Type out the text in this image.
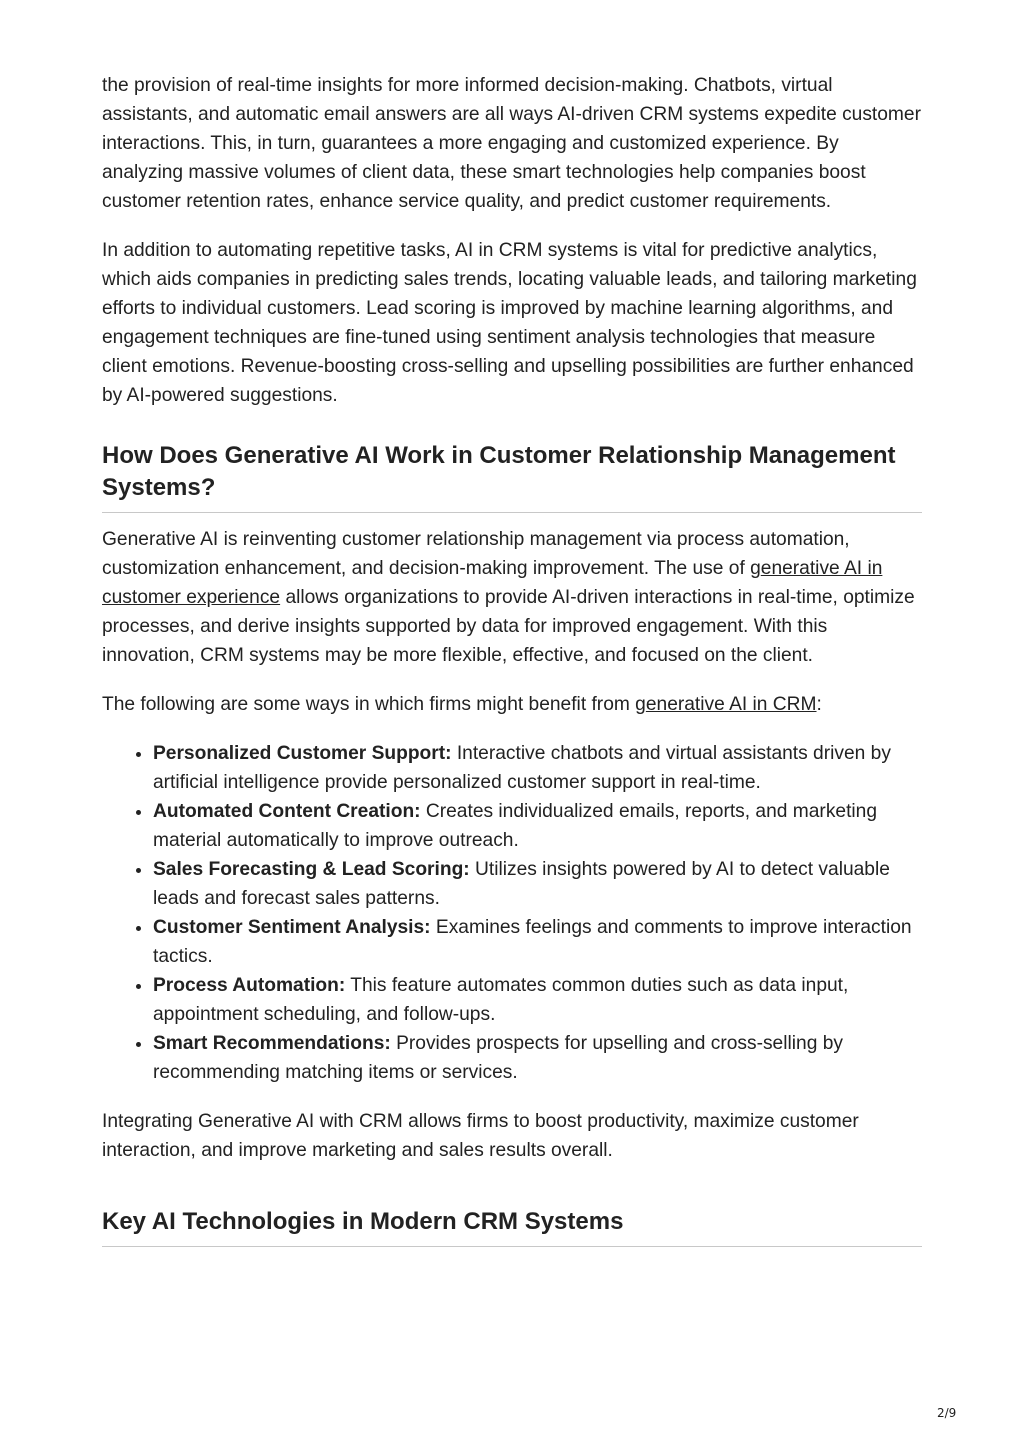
the provision of real-time insights for more informed decision-making. Chatbots, virtual assistants, and automatic email answers are all ways AI-driven CRM systems expedite customer interactions. This, in turn, guarantees a more engaging and customized experience. By analyzing massive volumes of client data, these smart technologies help companies boost customer retention rates, enhance service quality, and predict customer requirements.

In addition to automating repetitive tasks, AI in CRM systems is vital for predictive analytics, which aids companies in predicting sales trends, locating valuable leads, and tailoring marketing efforts to individual customers. Lead scoring is improved by machine learning algorithms, and engagement techniques are fine-tuned using sentiment analysis technologies that measure client emotions. Revenue-boosting cross-selling and upselling possibilities are further enhanced by AI-powered suggestions.

How Does Generative AI Work in Customer Relationship Management Systems?

Generative AI is reinventing customer relationship management via process automation, customization enhancement, and decision-making improvement. The use of generative AI in customer experience allows organizations to provide AI-driven interactions in real-time, optimize processes, and derive insights supported by data for improved engagement. With this innovation, CRM systems may be more flexible, effective, and focused on the client.

The following are some ways in which firms might benefit from generative AI in CRM:

• Personalized Customer Support: Interactive chatbots and virtual assistants driven by artificial intelligence provide personalized customer support in real-time.
• Automated Content Creation: Creates individualized emails, reports, and marketing material automatically to improve outreach.
• Sales Forecasting & Lead Scoring: Utilizes insights powered by AI to detect valuable leads and forecast sales patterns.
• Customer Sentiment Analysis: Examines feelings and comments to improve interaction tactics.
• Process Automation: This feature automates common duties such as data input, appointment scheduling, and follow-ups.
• Smart Recommendations: Provides prospects for upselling and cross-selling by recommending matching items or services.

Integrating Generative AI with CRM allows firms to boost productivity, maximize customer interaction, and improve marketing and sales results overall.

Key AI Technologies in Modern CRM Systems
2/9
